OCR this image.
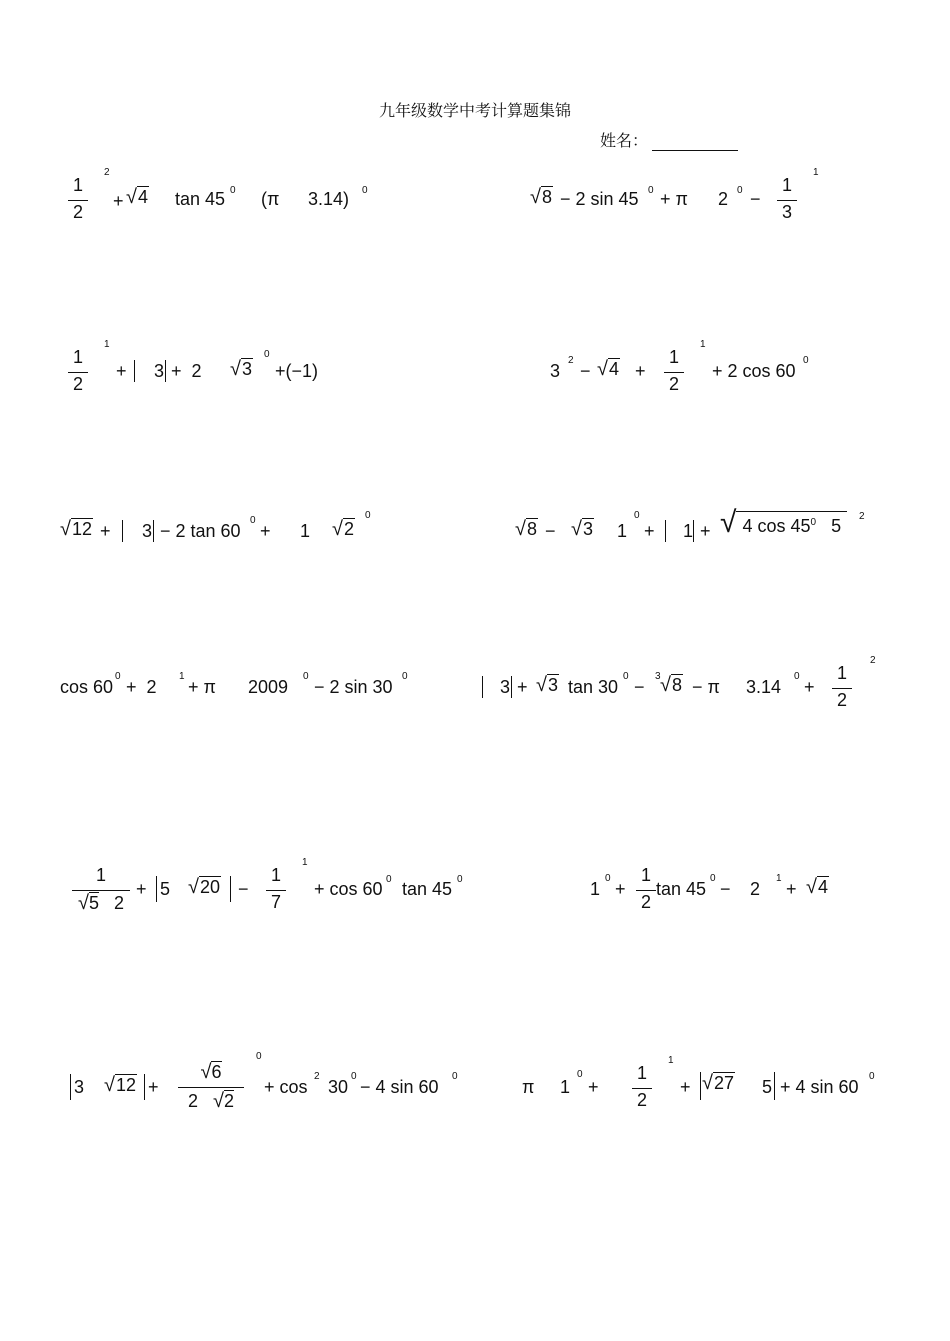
九年级数学中考计算题集锦
姓名：
1
2
2
+ √4 tan 45 0 (π 3.14) 0	√8 − 2 sin 45 0 + π 2 0 −
1
3
1
1
2
1
+ 3 +  2 √3
0
+(−1)	3
2
− √4 +
1
2
1
+ 2 cos 60
0
√12 + 3 − 2 tan 60
0
+ 1 √2
0
√8 − √3 1
0
+ 1 + √ 4 $\cos 45^0$   5	2
cos 60
0
+  2
1
+ π 2009
0
− 2 sin 30
0
3 + √3 tan 30
0
−
3 √8 − π 3.14
0
+
1
2
2
1
√5   2
+ 5 √20 −
1
7
1
+ cos 60 0 tan 45 0	1
0
+
1
2
tan 45
0
− 2
1
+ √4
3 √12 +
√6
2   √2
0
+ cos
2
30
0
− 4 sin 60
0
π 1
0
+
1
2
1
+ √27 5 + 4 sin 60
0
